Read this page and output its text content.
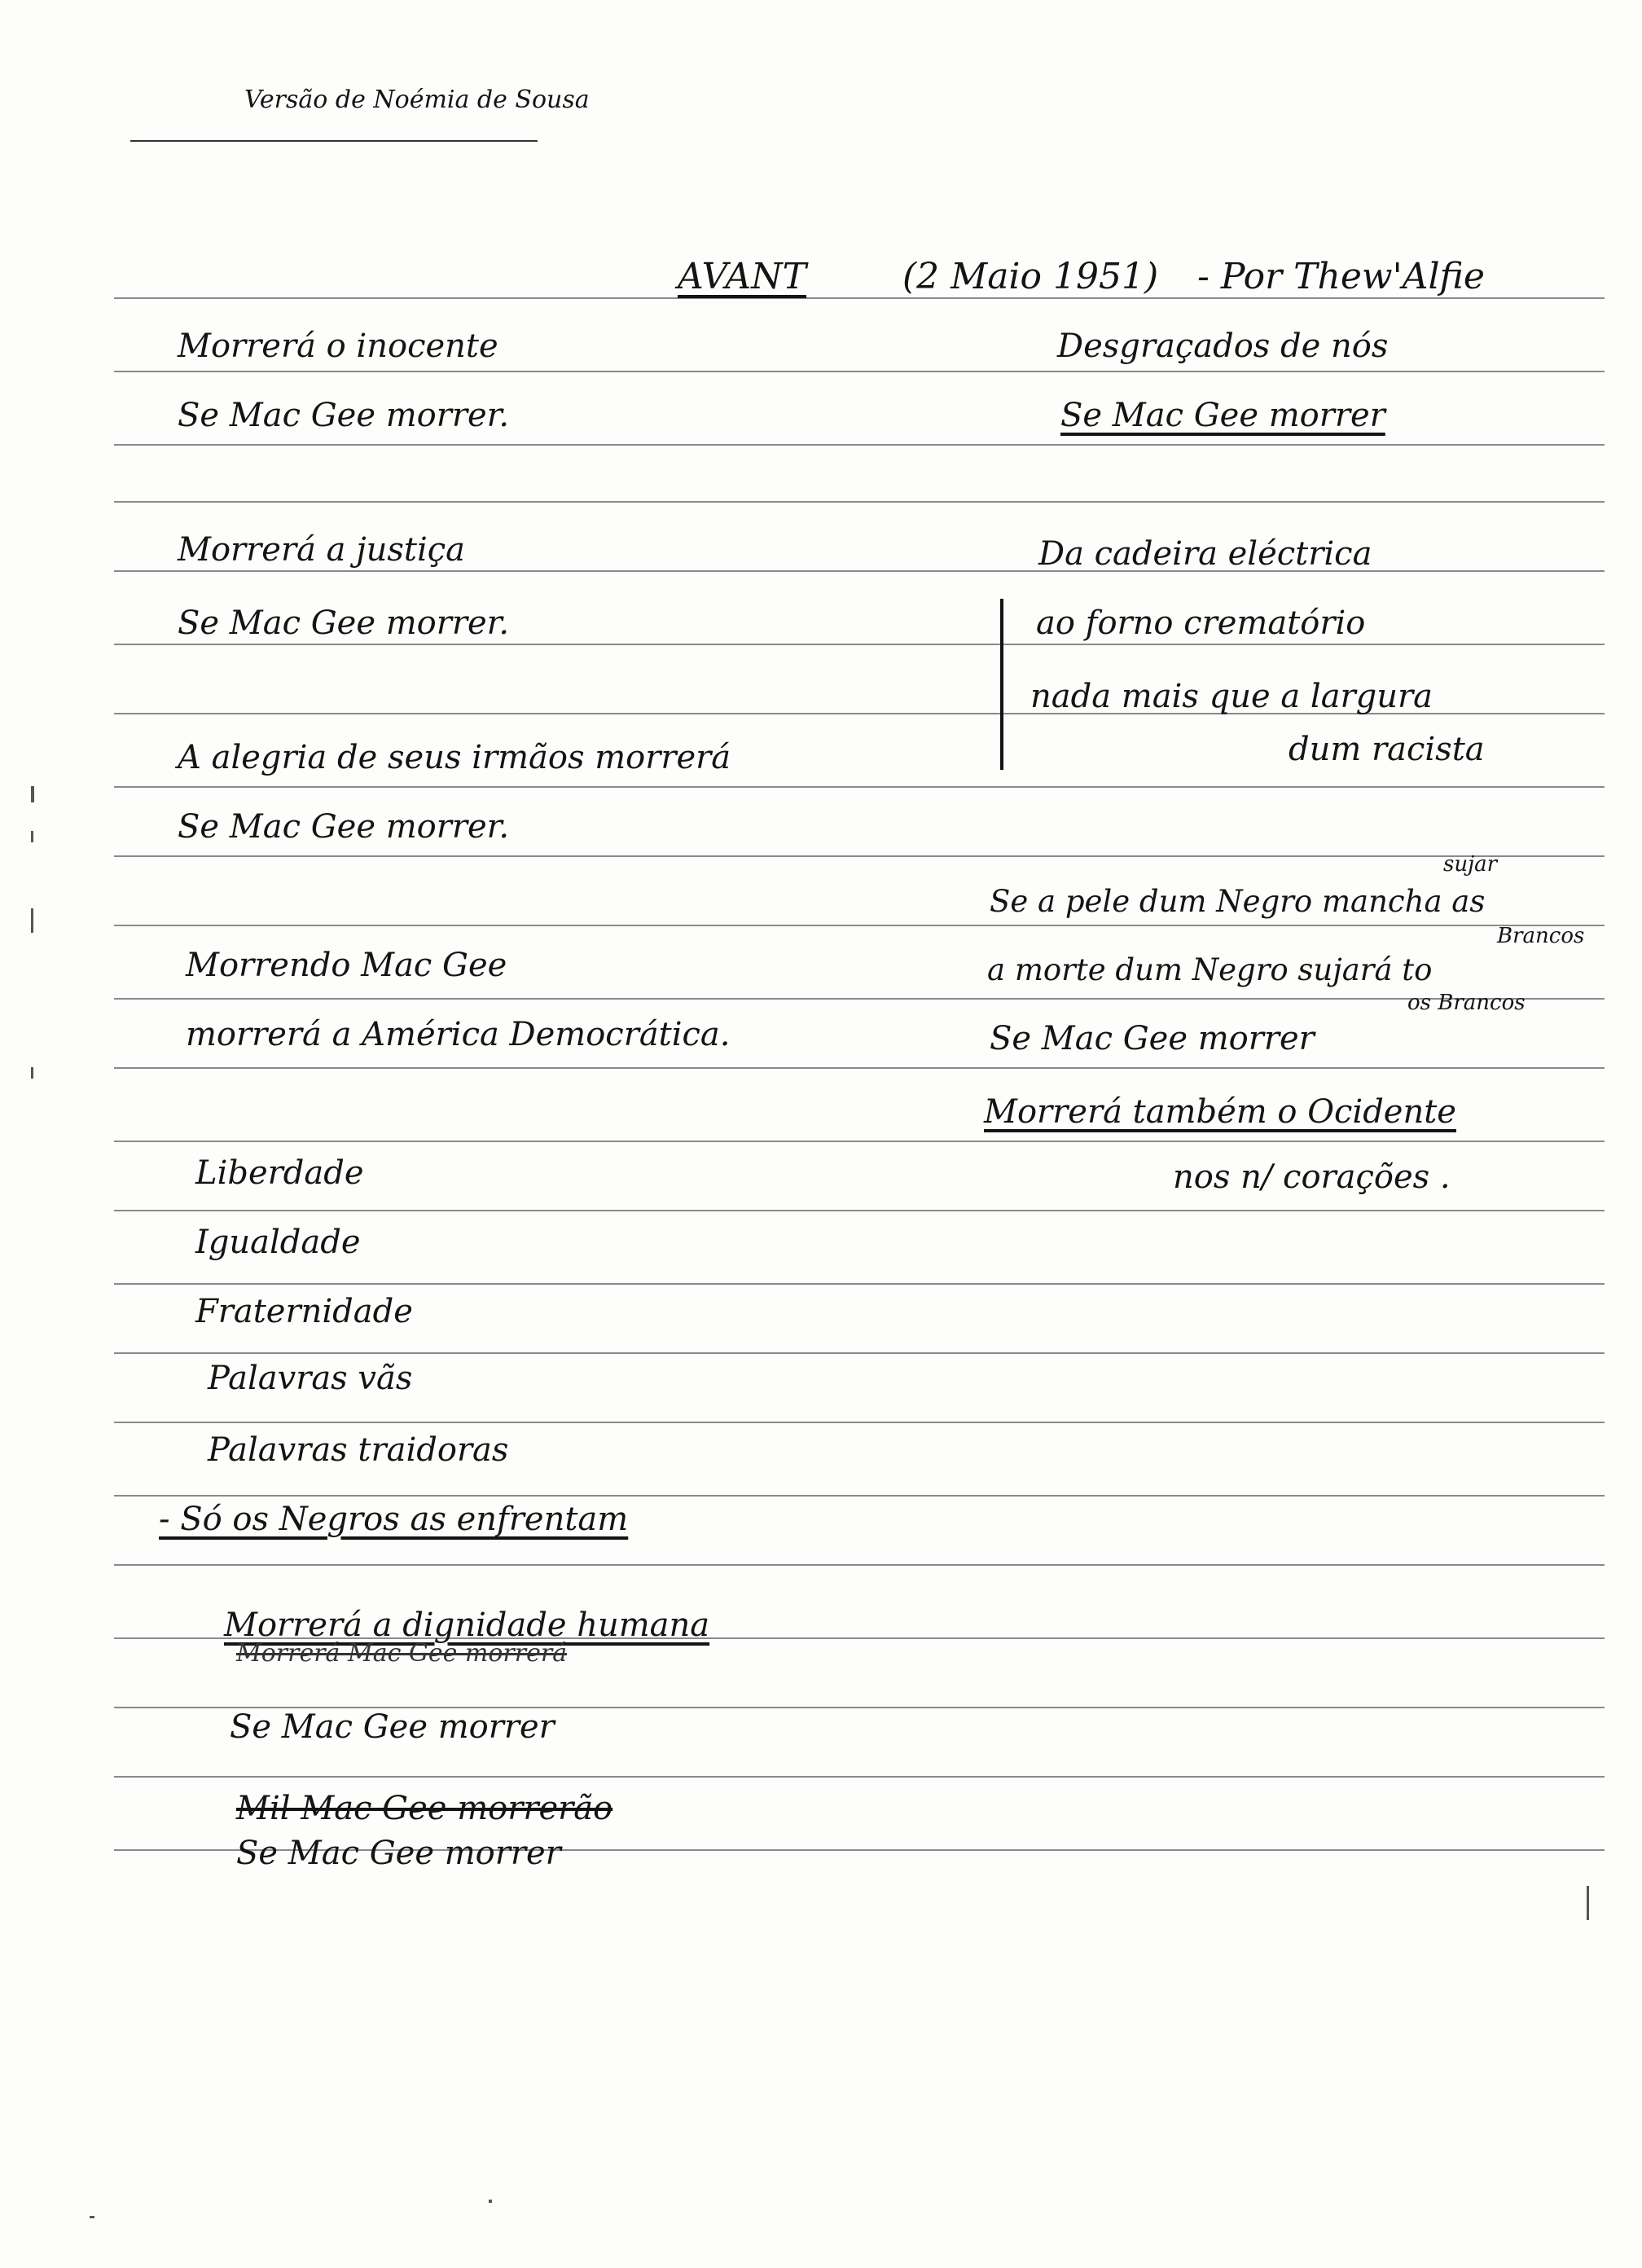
Versão de Noémia de Sousa
AVANT	(2 Maio 1951) - Por Thew'Alfie
Morrerá o inocente
Se Mac Gee morrer.
Morrerá a justiça
Se Mac Gee morrer.
A alegria de seus irmãos morrerá
Se Mac Gee morrer.
Morrendo Mac Gee
morrerá a América Democrática.
Liberdade
Igualdade
Fraternidade
Palavras vãs
Palavras traidoras
- Só os Negros as enfrentam
Morrerá a dignidade humana
Morrerá Mac Gee morrerá
Se Mac Gee morrer
Mil Mac Gee morrerão
Se Mac Gee morrer
Desgraçados de nós
Se Mac Gee morrer
Da cadeira eléctrica
ao forno crematório
nada mais que a largura
dum racista
sujar
Se a pele dum Negro mancha as
Brancos
a morte dum Negro sujará to
os Brancos
Se Mac Gee morrer
Morrerá também o Ocidente
nos n/ corações .
